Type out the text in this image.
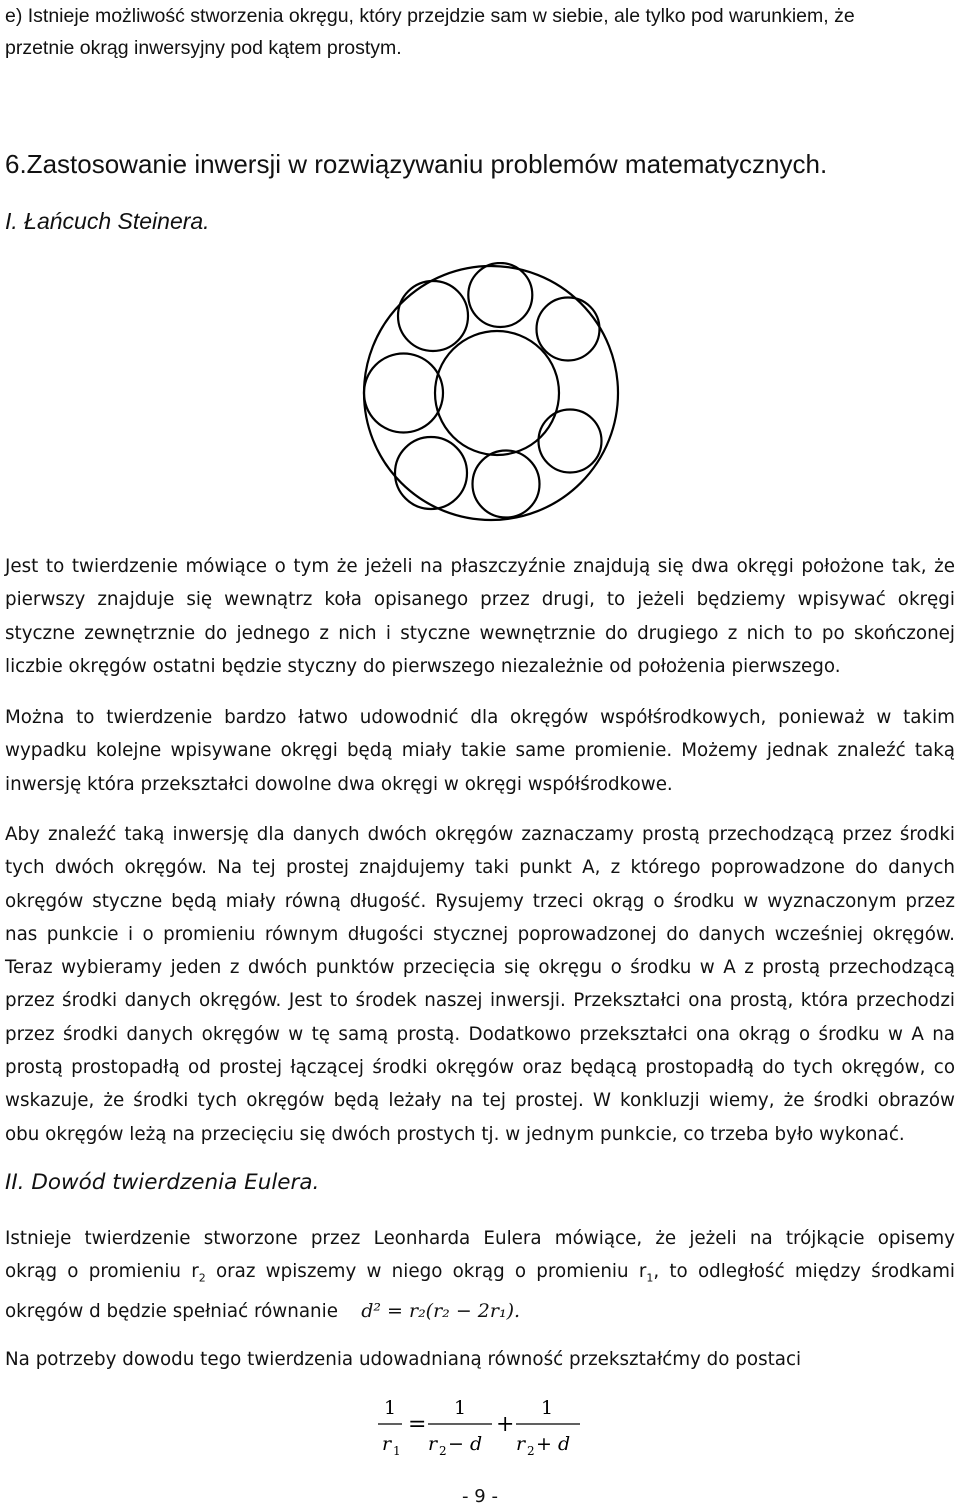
e) Istnieje możliwość stworzenia okręgu, który przejdzie sam w siebie, ale tylko pod warunkiem, że
przetnie okrąg inwersyjny pod kątem prostym.
6.Zastosowanie inwersji w rozwiązywaniu problemów matematycznych.
I. Łańcuch Steinera.
Jest to twierdzenie mówiące o tym że jeżeli na płaszczyźnie znajdują się dwa okręgi położone tak, że
pierwszy znajduje się wewnątrz koła opisanego przez drugi, to jeżeli będziemy wpisywać okręgi
styczne zewnętrznie do jednego z nich i styczne wewnętrznie do drugiego z nich to po skończonej
liczbie okręgów ostatni będzie styczny do pierwszego niezależnie od położenia pierwszego.
Można to twierdzenie bardzo łatwo udowodnić dla okręgów współśrodkowych, ponieważ w takim
wypadku kolejne wpisywane okręgi będą miały takie same promienie. Możemy jednak znaleźć taką
inwersję która przekształci dowolne dwa okręgi w okręgi współśrodkowe.
Aby znaleźć taką inwersję dla danych dwóch okręgów zaznaczamy prostą przechodzącą przez środki
tych dwóch okręgów. Na tej prostej znajdujemy taki punkt A, z którego poprowadzone do danych
okręgów styczne będą miały równą długość. Rysujemy trzeci okrąg o środku w wyznaczonym przez
nas punkcie i o promieniu równym długości stycznej poprowadzonej do danych wcześniej okręgów.
Teraz wybieramy jeden z dwóch punktów przecięcia się okręgu o środku w A z prostą przechodzącą
przez środki danych okręgów. Jest to środek naszej inwersji. Przekształci ona prostą, która przechodzi
przez środki danych okręgów w tę samą prostą. Dodatkowo przekształci ona okrąg o środku w A na
prostą prostopadłą od prostej łączącej środki okręgów oraz będącą prostopadłą do tych okręgów, co
wskazuje, że środki tych okręgów będą leżały na tej prostej. W konkluzji wiemy, że środki obrazów
obu okręgów leżą na przecięciu się dwóch prostych tj. w jednym punkcie, co trzeba było wykonać.
II. Dowód twierdzenia Eulera.
Istnieje twierdzenie stworzone przez Leonharda Eulera mówiące, że jeżeli na trójkącie opisemy
okrąg o promieniu $r_2$ oraz wpiszemy w niego okrąg o promieniu $r_1$, to odległość między środkami
okręgów d będzie spełniać równanie d² = r₂(r₂ − 2r₁).
Na potrzeby dowodu tego twierdzenia udowadnianą równość przekształćmy do postaci
1
r 1
=
1
r 2 − d
+
1
r 2 + d
- 9 -
